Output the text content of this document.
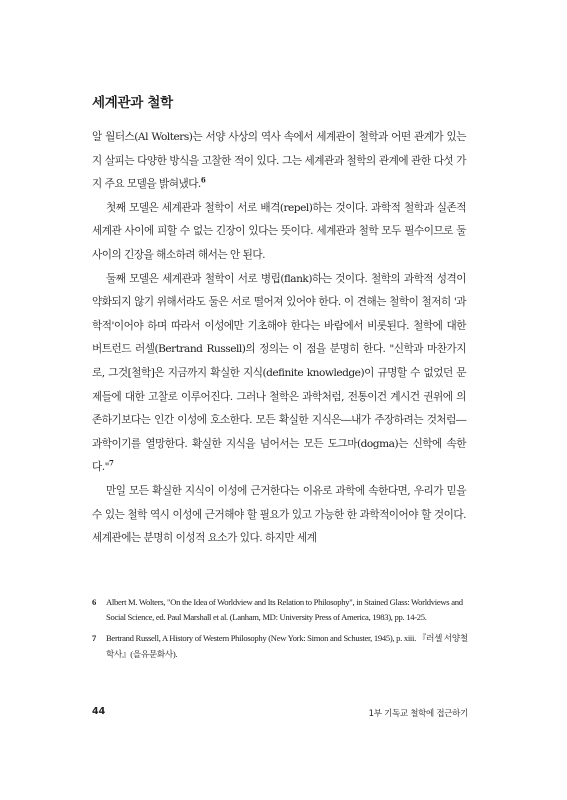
세계관과 철학

알 월터스(Al Wolters)는 서양 사상의 역사 속에서 세계관이 철학과 어떤 관계가 있는지 살피는 다양한 방식을 고찰한 적이 있다. 그는 세계관과 철학의 관계에 관한 다섯 가지 주요 모델을 밝혀냈다.$^6$

첫째 모델은 세계관과 철학이 서로 배격(repel)하는 것이다. 과학적 철학과 실존적 세계관 사이에 피할 수 없는 긴장이 있다는 뜻이다. 세계관과 철학 모두 필수이므로 둘 사이의 긴장을 해소하려 해서는 안 된다.

둘째 모델은 세계관과 철학이 서로 병립(flank)하는 것이다. 철학의 과학적 성격이 약화되지 않기 위해서라도 둘은 서로 떨어져 있어야 한다. 이 견해는 철학이 철저히 '과학적'이어야 하며 따라서 이성에만 기초해야 한다는 바람에서 비롯된다. 철학에 대한 버트런드 러셀(Bertrand Russell)의 정의는 이 점을 분명히 한다. "신학과 마찬가지로, 그것[철학]은 지금까지 확실한 지식(definite knowledge)이 규명할 수 없었던 문제들에 대한 고찰로 이루어진다. 그러나 철학은 과학처럼, 전통이건 계시건 권위에 의존하기보다는 인간 이성에 호소한다. 모든 확실한 지식은―내가 주장하려는 것처럼―과학이기를 열망한다. 확실한 지식을 넘어서는 모든 도그마(dogma)는 신학에 속한다."$^7$

만일 모든 확실한 지식이 이성에 근거한다는 이유로 과학에 속한다면, 우리가 믿을 수 있는 철학 역시 이성에 근거해야 할 필요가 있고 가능한 한 과학적이어야 할 것이다. 세계관에는 분명히 이성적 요소가 있다. 하지만 세계

6	Albert M. Wolters, "On the Idea of Worldview and Its Relation to Philosophy", in Stained Glass: Worldviews and Social Science, ed. Paul Marshall et al. (Lanham, MD: University Press of America, 1983), pp. 14-25.
7	Bertrand Russell, A History of Western Philosophy (New York: Simon and Schuster, 1945), p. xiii. 『러셀 서양철학사』(을유문화사).
44	1부 기독교 철학에 접근하기
